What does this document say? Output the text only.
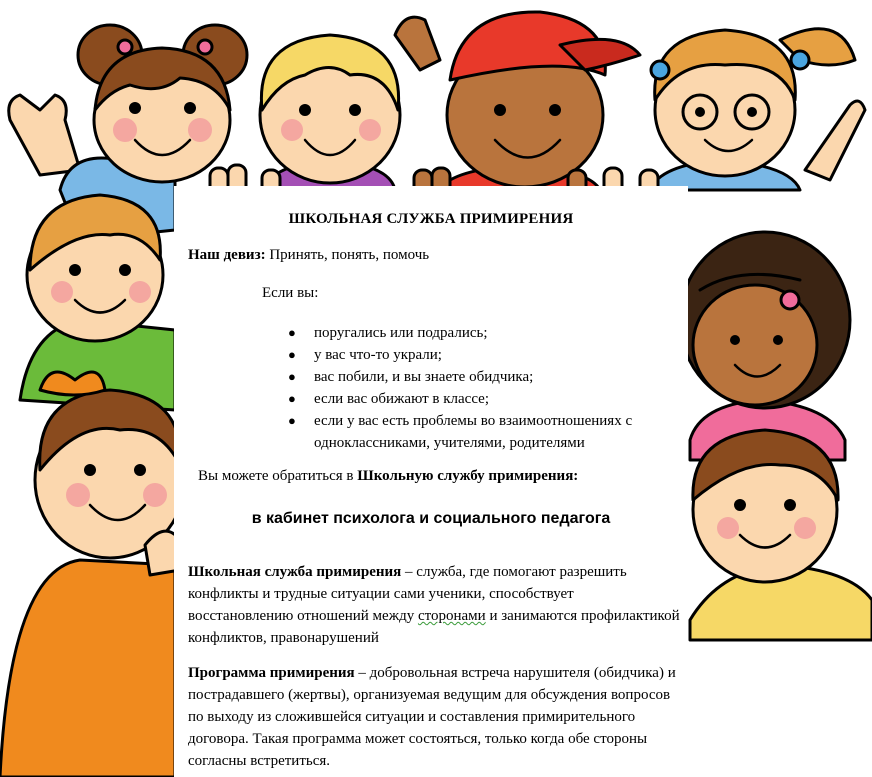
ШКОЛЬНАЯ СЛУЖБА ПРИМИРЕНИЯ
Наш девиз: Принять, понять, помочь
Если вы:
● поругались или подрались;
● у вас что-то украли;
● вас побили, и вы знаете обидчика;
● если вас обижают в классе;
● если у вас есть проблемы во взаимоотношениях с одноклассниками, учителями, родителями
Вы можете обратиться в Школьную службу примирения:
в кабинет психолога и социального педагога

Школьная служба примирения – служба, где помогают разрешить конфликты и трудные ситуации сами ученики, способствует восстановлению отношений между сторонами и занимаются профилактикой конфликтов, правонарушений

Программа примирения – добровольная встреча нарушителя (обидчика) и пострадавшего (жертвы), организуемая ведущим для обсуждения вопросов по выходу из сложившейся ситуации и составления примирительного договора. Такая программа может состояться, только когда обе стороны согласны встретиться.
